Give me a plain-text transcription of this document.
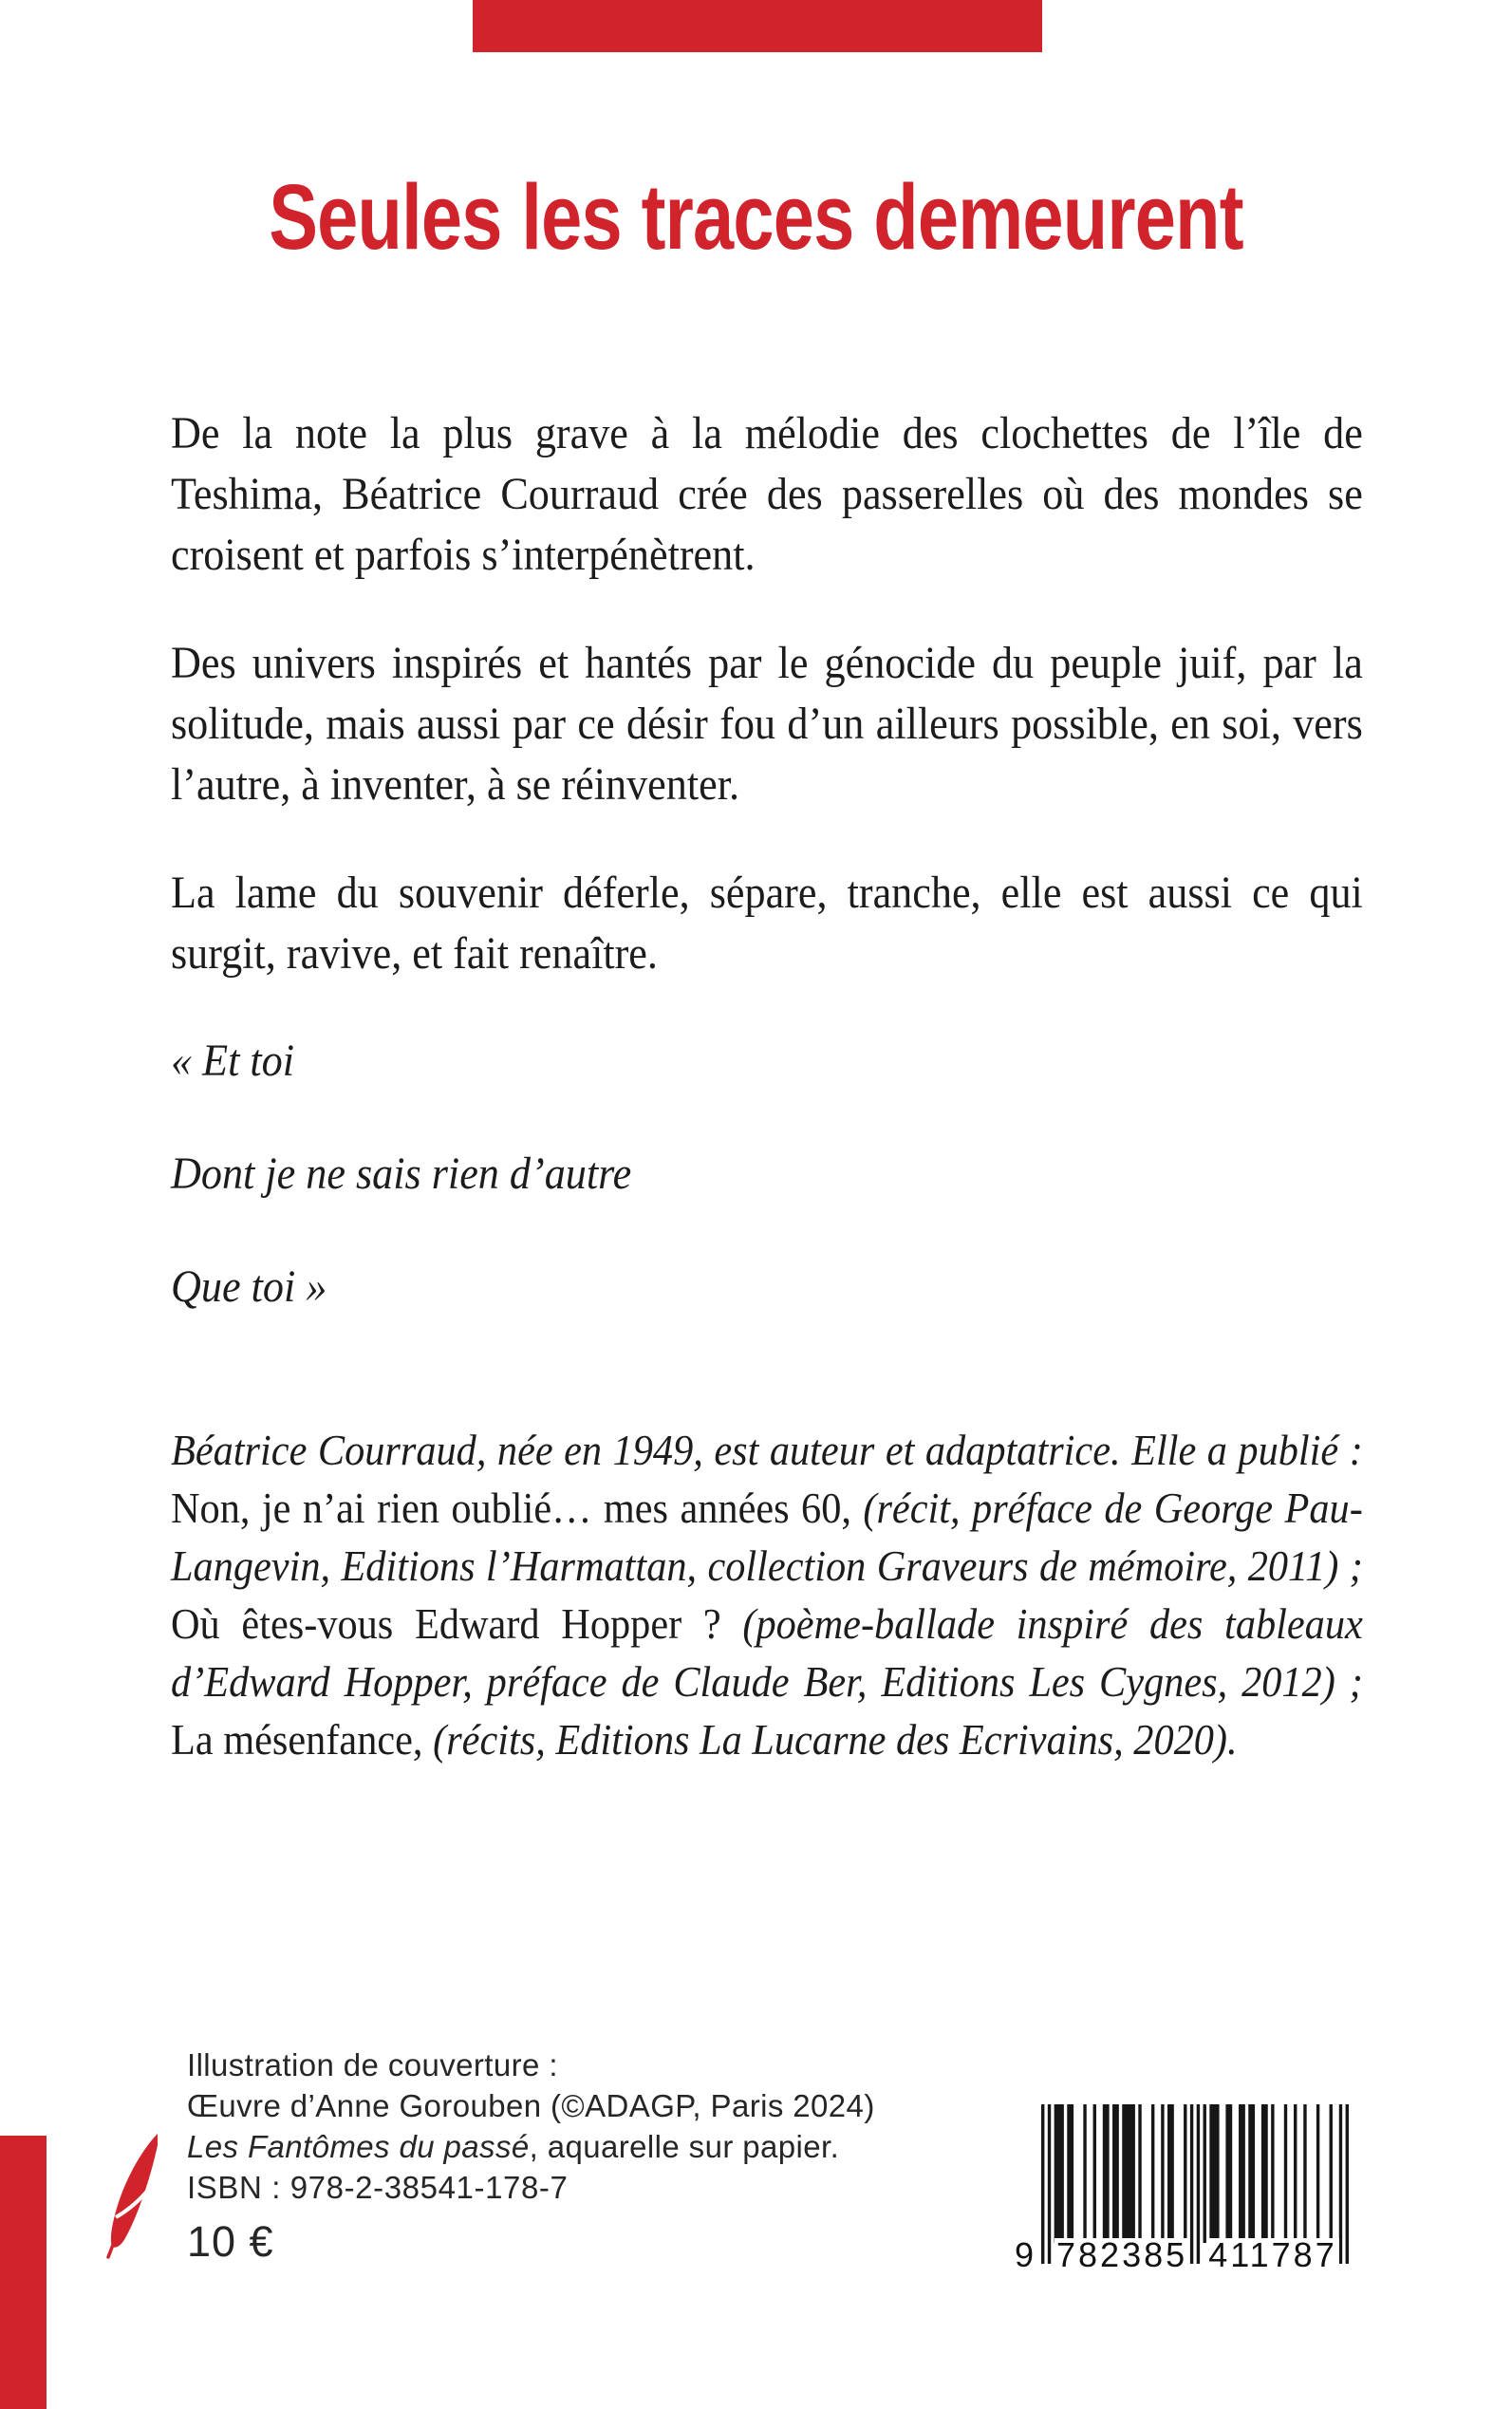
Seules les traces demeurent

De la note la plus grave à la mélodie des clochettes de l’île de Teshima, Béatrice Courraud crée des passerelles où des mondes se croisent et parfois s’interpénètrent.

Des univers inspirés et hantés par le génocide du peuple juif, par la solitude, mais aussi par ce désir fou d’un ailleurs possible, en soi, vers l’autre, à inventer, à se réinventer.

La lame du souvenir déferle, sépare, tranche, elle est aussi ce qui surgit, ravive, et fait renaître.

« Et toi

Dont je ne sais rien d’autre

Que toi »

Béatrice Courraud, née en 1949, est auteur et adaptatrice. Elle a publié : Non, je n’ai rien oublié… mes années 60, (récit, préface de George Pau-Langevin, Editions l’Harmattan, collection Graveurs de mémoire, 2011) ; Où êtes-vous Edward Hopper ? (poème-ballade inspiré des tableaux d’Edward Hopper, préface de Claude Ber, Editions Les Cygnes, 2012) ; La mésenfance, (récits, Editions La Lucarne des Ecrivains, 2020).

Illustration de couverture :
Œuvre d’Anne Gorouben (©ADAGP, Paris 2024)
Les Fantômes du passé, aquarelle sur papier.
ISBN : 978-2-38541-178-7
10 €	9 782385 411787
